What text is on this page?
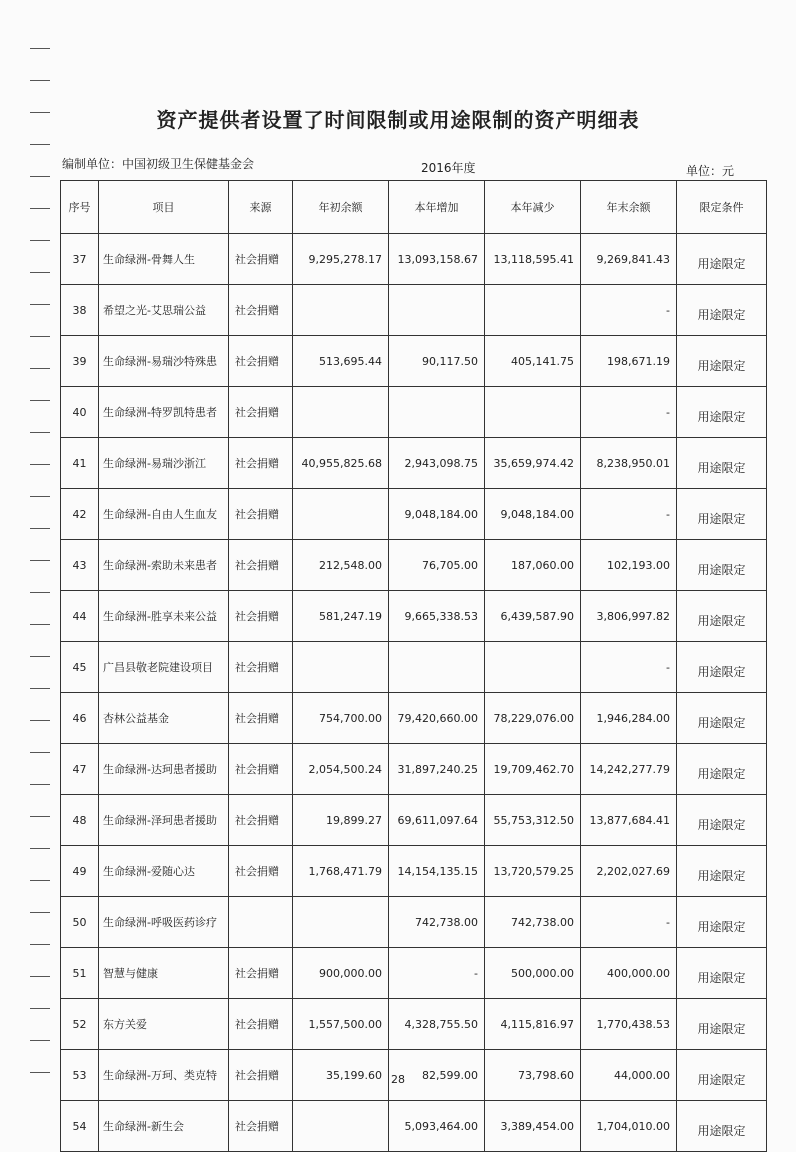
资产提供者设置了时间限制或用途限制的资产明细表
编制单位：中国初级卫生保健基金会	2016年度	单位：元
序号	项目	来源	年初余额	本年增加	本年减少	年末余额	限定条件
37	生命绿洲-骨舞人生	社会捐赠	9,295,278.17	13,093,158.67	13,118,595.41	9,269,841.43	用途限定
38	希望之光-艾思瑞公益	社会捐赠				-	用途限定
39	生命绿洲-易瑞沙特殊患	社会捐赠	513,695.44	90,117.50	405,141.75	198,671.19	用途限定
40	生命绿洲-特罗凯特患者	社会捐赠				-	用途限定
41	生命绿洲-易瑞沙浙江	社会捐赠	40,955,825.68	2,943,098.75	35,659,974.42	8,238,950.01	用途限定
42	生命绿洲-自由人生血友	社会捐赠		9,048,184.00	9,048,184.00	-	用途限定
43	生命绿洲-索助未来患者	社会捐赠	212,548.00	76,705.00	187,060.00	102,193.00	用途限定
44	生命绿洲-胜享未来公益	社会捐赠	581,247.19	9,665,338.53	6,439,587.90	3,806,997.82	用途限定
45	广昌县敬老院建设项目	社会捐赠				-	用途限定
46	杏林公益基金	社会捐赠	754,700.00	79,420,660.00	78,229,076.00	1,946,284.00	用途限定
47	生命绿洲-达珂患者援助	社会捐赠	2,054,500.24	31,897,240.25	19,709,462.70	14,242,277.79	用途限定
48	生命绿洲-泽珂患者援助	社会捐赠	19,899.27	69,611,097.64	55,753,312.50	13,877,684.41	用途限定
49	生命绿洲-爱随心达	社会捐赠	1,768,471.79	14,154,135.15	13,720,579.25	2,202,027.69	用途限定
50	生命绿洲-呼吸医药诊疗			742,738.00	742,738.00	-	用途限定
51	智慧与健康	社会捐赠	900,000.00	-	500,000.00	400,000.00	用途限定
52	东方关爱	社会捐赠	1,557,500.00	4,328,755.50	4,115,816.97	1,770,438.53	用途限定
53	生命绿洲-万珂、类克特	社会捐赠	35,199.60	82,599.00	73,798.60	44,000.00	用途限定
54	生命绿洲-新生会	社会捐赠		5,093,464.00	3,389,454.00	1,704,010.00	用途限定
28
